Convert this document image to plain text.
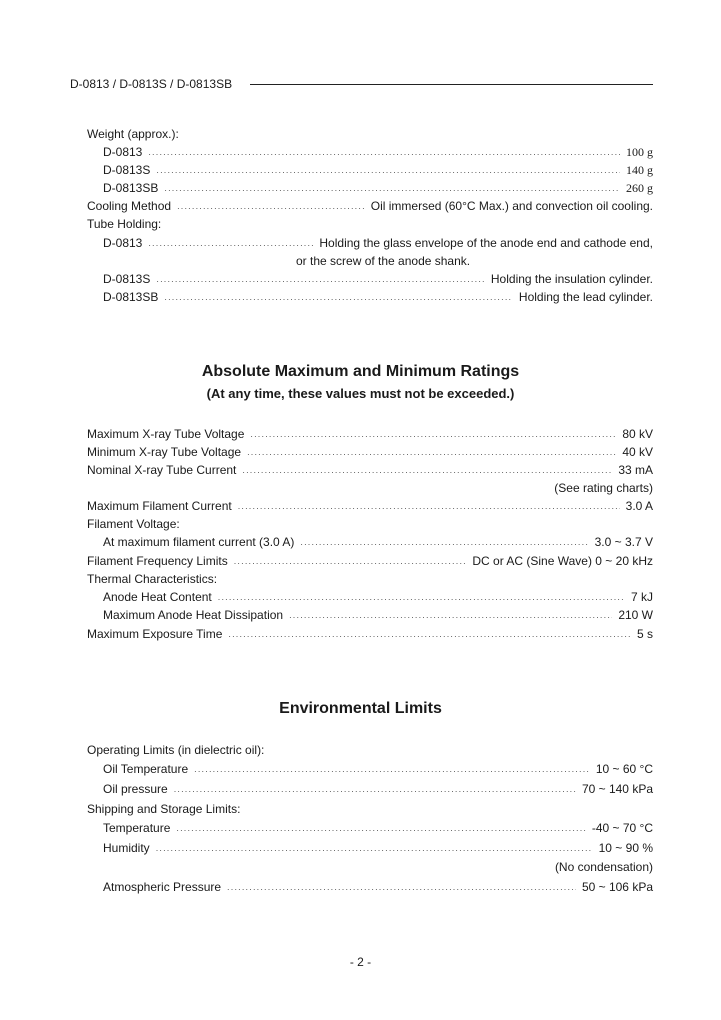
D-0813 / D-0813S / D-0813SB
Weight (approx.):
D-0813 .....	100 g
D-0813S .....	140 g
D-0813SB .....	260 g
Cooling Method .....	Oil immersed (60°C Max.) and convection oil cooling.
Tube Holding:
D-0813 .....	Holding the glass envelope of the anode end and cathode end,
or the screw of the anode shank.
D-0813S .....	Holding the insulation cylinder.
D-0813SB .....	Holding the lead cylinder.
Absolute Maximum and Minimum Ratings
(At any time, these values must not be exceeded.)
Maximum X-ray Tube Voltage .....	80 kV
Minimum X-ray Tube Voltage .....	40 kV
Nominal X-ray Tube Current .....	33 mA
(See rating charts)
Maximum Filament Current .....	3.0 A
Filament Voltage:
At maximum filament current (3.0 A) .....	3.0 ~ 3.7 V
Filament Frequency Limits .....	DC or AC (Sine Wave) 0 ~ 20 kHz
Thermal Characteristics:
Anode Heat Content .....	7 kJ
Maximum Anode Heat Dissipation .....	210 W
Maximum Exposure Time .....	5 s
Environmental Limits
Operating Limits (in dielectric oil):
Oil Temperature .....	10 ~ 60 °C
Oil pressure .....	70 ~ 140 kPa
Shipping and Storage Limits:
Temperature .....	-40 ~ 70 °C
Humidity .....	10 ~ 90 %
(No condensation)
Atmospheric Pressure .....	50 ~ 106 kPa
- 2 -
